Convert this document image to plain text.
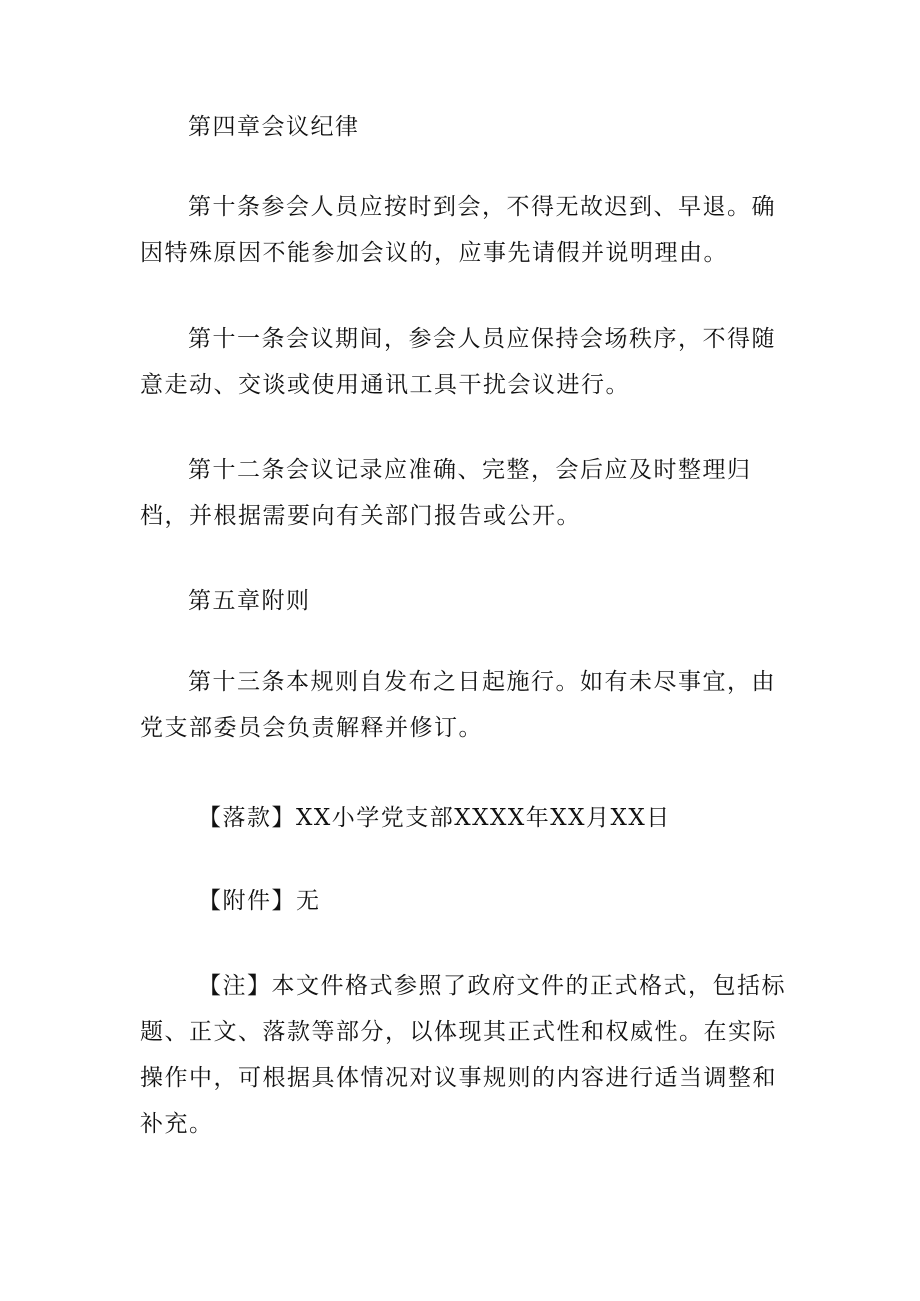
第四章会议纪律

第十条参会人员应按时到会，不得无故迟到、早退。确因特殊原因不能参加会议的，应事先请假并说明理由。

第十一条会议期间，参会人员应保持会场秩序，不得随意走动、交谈或使用通讯工具干扰会议进行。

第十二条会议记录应准确、完整，会后应及时整理归档，并根据需要向有关部门报告或公开。

第五章附则

第十三条本规则自发布之日起施行。如有未尽事宜，由党支部委员会负责解释并修订。

【落款】XX小学党支部XXXX年XX月XX日

【附件】无

【注】本文件格式参照了政府文件的正式格式，包括标题、正文、落款等部分，以体现其正式性和权威性。在实际操作中，可根据具体情况对议事规则的内容进行适当调整和补充。
